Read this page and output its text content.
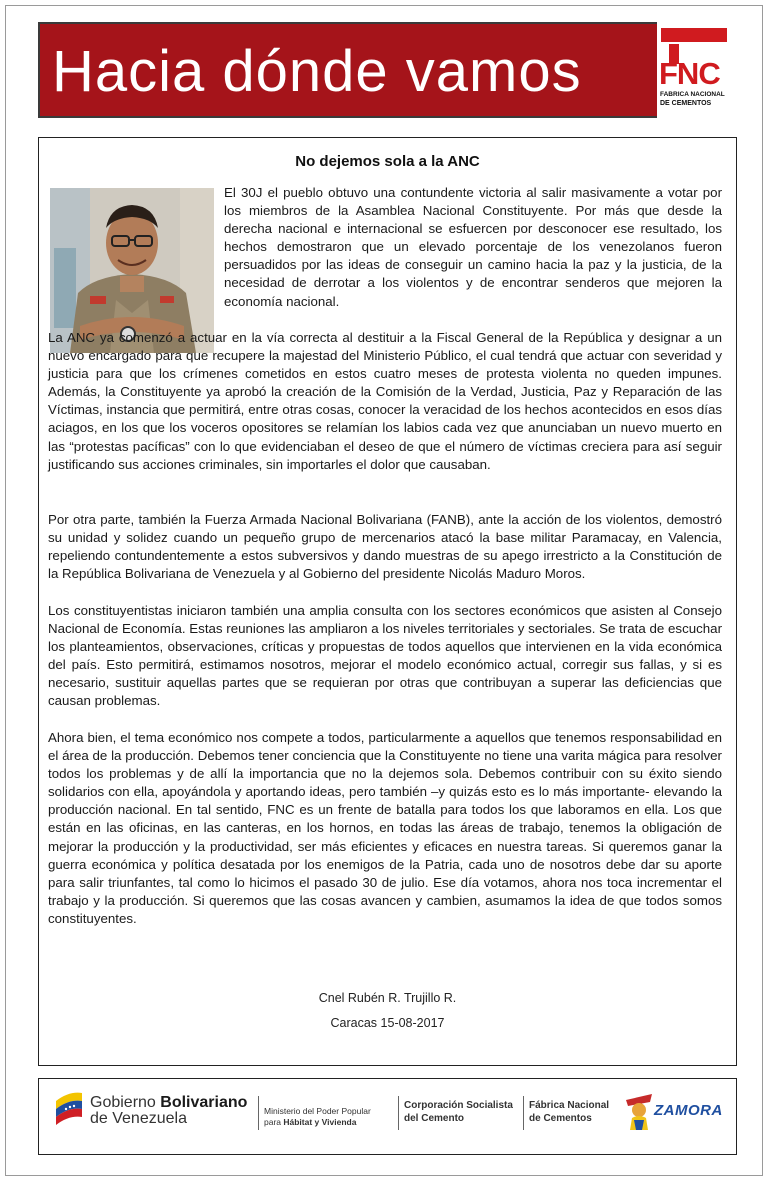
Hacia dónde vamos FNC
FABRICA NACIONAL
DE CEMENTOS
No dejemos sola a la ANC
El 30J el pueblo obtuvo una contundente victoria al salir masivamente a votar por los miembros de la Asamblea Nacional Constituyente. Por más que desde la derecha nacional e internacional se esfuercen por desconocer ese resultado, los hechos demostraron que un elevado porcentaje de los venezolanos fueron persuadidos por las ideas de conseguir un camino hacia la paz y la justicia, de la necesidad de derrotar a los violentos y de encontrar senderos que mejoren la economía nacional.
La ANC ya comenzó a actuar en la vía correcta al destituir a la Fiscal General de la República y designar a un nuevo encargado para que recupere la majestad del Ministerio Público, el cual tendrá que actuar con severidad y justicia para que los crímenes cometidos en estos cuatro meses de protesta violenta no queden impunes. Además, la Constituyente ya aprobó la creación de la Comisión de la Verdad, Justicia, Paz y Reparación de las Víctimas, instancia que permitirá, entre otras cosas, conocer la veracidad de los hechos acontecidos en esos días aciagos, en los que los voceros opositores se relamían los labios cada vez que anunciaban un nuevo muerto en las “protestas pacíficas” con lo que evidenciaban el deseo de que el número de víctimas creciera para así seguir justificando sus acciones criminales, sin importarles el dolor que causaban.
Por otra parte, también la Fuerza Armada Nacional Bolivariana (FANB), ante la acción de los violentos, demostró su unidad y solidez cuando un pequeño grupo de mercenarios atacó la base militar Paramacay, en Valencia, repeliendo contundentemente a estos subversivos y dando muestras de su apego irrestricto a la Constitución de la República Bolivariana de Venezuela y al Gobierno del presidente Nicolás Maduro Moros.
Los constituyentistas iniciaron también una amplia consulta con los sectores económicos que asisten al Consejo Nacional de Economía. Estas reuniones las ampliaron a los niveles territoriales y sectoriales. Se trata de escuchar los planteamientos, observaciones, críticas y propuestas de todos aquellos que intervienen en la vida económica del país. Esto permitirá, estimamos nosotros, mejorar el modelo económico actual, corregir sus fallas, y si es necesario, sustituir aquellas partes que se requieran por otras que contribuyan a superar las deficiencias que causan problemas.
Ahora bien, el tema económico nos compete a todos, particularmente a aquellos que tenemos responsabilidad en el área de la producción. Debemos tener conciencia que la Constituyente no tiene una varita mágica para resolver todos los problemas y de allí la importancia que no la dejemos sola. Debemos contribuir con su éxito siendo solidarios con ella, apoyándola y aportando ideas, pero también –y quizás esto es lo más importante- elevando la producción nacional. En tal sentido, FNC es un frente de batalla para todos los que laboramos en ella. Los que están en las oficinas, en las canteras, en los hornos, en todas las áreas de trabajo, tenemos la obligación de mejorar la producción y la productividad, ser más eficientes y eficaces en nuestra tareas. Si queremos ganar la guerra económica y política desatada por los enemigos de la Patria, cada uno de nosotros debe dar su aporte para salir triunfantes, tal como lo hicimos el pasado 30 de julio. Ese día votamos, ahora nos toca incrementar el trabajo y la producción. Si queremos que las cosas avancen y cambien, asumamos la idea de que todos somos constituyentes.
Cnel Rubén R. Trujillo R.
Caracas 15-08-2017
Gobierno Bolivariano
de Venezuela	Ministerio del Poder Popular
para Hábitat y Vivienda
Corporación Socialista
del Cemento
Fábrica Nacional
de Cementos	ZAMORA
